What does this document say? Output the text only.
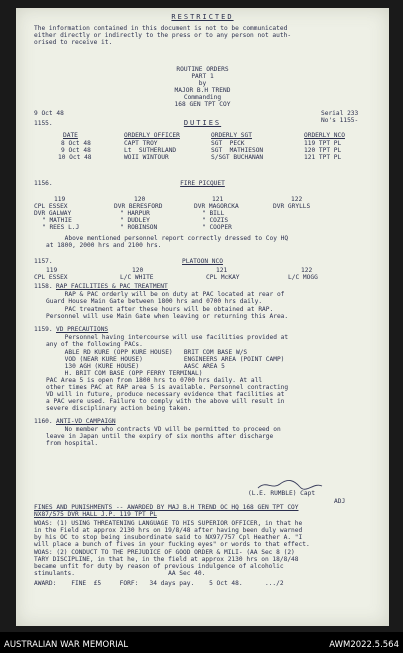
RESTRICTED
The information contained in this document is not to be communicated
either directly or indirectly to the press or to any person not auth-
orised to receive it.
ROUTINE ORDERS
PART 1
by
MAJOR B.H TREND
Commanding
168 GEN TPT COY
9 Oct 48	Serial 233
No's 1155-
1155.	DUTIES
DATE	ORDERLY OFFICER	ORDERLY SGT	ORDERLY NCO
8 Oct 48	CAPT TROY	SGT  PECK	119 TPT PL
9 Oct 48	Lt  SUTHERLAND	SGT  MATHIESON	120 TPT PL
10 Oct 48	WOII WINTOUR	S/SGT BUCHANAN	121 TPT PL
1156.	FIRE PICQUET
119	120	121	122
CPL ESSEX	DVR BERESFORD	DVR MAGORCKA	DVR GRYLLS
DVR GALWAY	" HARPUR	" BILL
" MATHIE	" DUDLEY	" COZIS
" REES L.J	" ROBINSON	" COOPER
Above mentioned personnel report correctly dressed to Coy HQ
at 1800, 2000 hrs and 2100 hrs.
1157.	PLATOON NCO
119	120	121	122
CPL ESSEX	L/C WHITE	CPL McKAY	L/C MOGG
1158. RAP FACILITIES & PAC TREATMENT
RAP & PAC orderly will be on duty at PAC located at rear of
Guard House Main Gate between 1800 hrs and 0700 hrs daily.
PAC treatment after these hours will be obtained at RAP.
Personnel will use Main Gate when leaving or returning this Area.
1159. VD PRECAUTIONS
Personnel having intercourse will use facilities provided at
any of the following PACs.
ABLE RD KURE (OPP KURE HOUSE)   BRIT COM BASE W/S
VOD (NEAR KURE HOUSE)           ENGINEERS AREA (POINT CAMP)
130 AGH (KURE HOUSE)            AASC AREA 5
H. BRIT COM BASE (OPP FERRY TERMINAL)
PAC Area 5 is open from 1800 hrs to 0700 hrs daily. At all
other times PAC at RAP area 5 is available. Personnel contracting
VD will in future, produce necessary evidence that facilities at
a PAC were used. Failure to comply with the above will result in
severe disciplinary action being taken.
1160. ANTI-VD CAMPAIGN
No member who contracts VD will be permitted to proceed on
leave in Japan until the expiry of six months after discharge
from hospital.
(L.E. RUMBLE) Capt
ADJ
FINES AND PUNISHMENTS -- AWARDED BY MAJ B.H TREND OC HQ 168 GEN TPT COY
NX87/575 DVR HALL J.P. 119 TPT PL
WOAS: (1) USING THREATENING LANGUAGE TO HIS SUPERIOR OFFICER, in that he
in the Field at approx 2130 hrs on 19/8/48 after having been duly warned
by his OC to stop being insubordinate said to NX97/757 Cpl Heather A. "I
will place a bunch of fives in your fucking eyes" or words to that effect.
WOAS: (2) CONDUCT TO THE PREJUDICE OF GOOD ORDER & MILI- (AA Sec 8 (2)
TARY DISCIPLINE, in that he, in the field at approx 2130 hrs on 18/8/48
became unfit for duty by reason of previous indulgence of alcoholic
stimulants.                         AA Sec 40.
AWARD:    FINE  £5     FORF:   34 days pay.    5 Oct 48.      .../2
AUSTRALIAN WAR MEMORIAL	AWM2022.5.564
